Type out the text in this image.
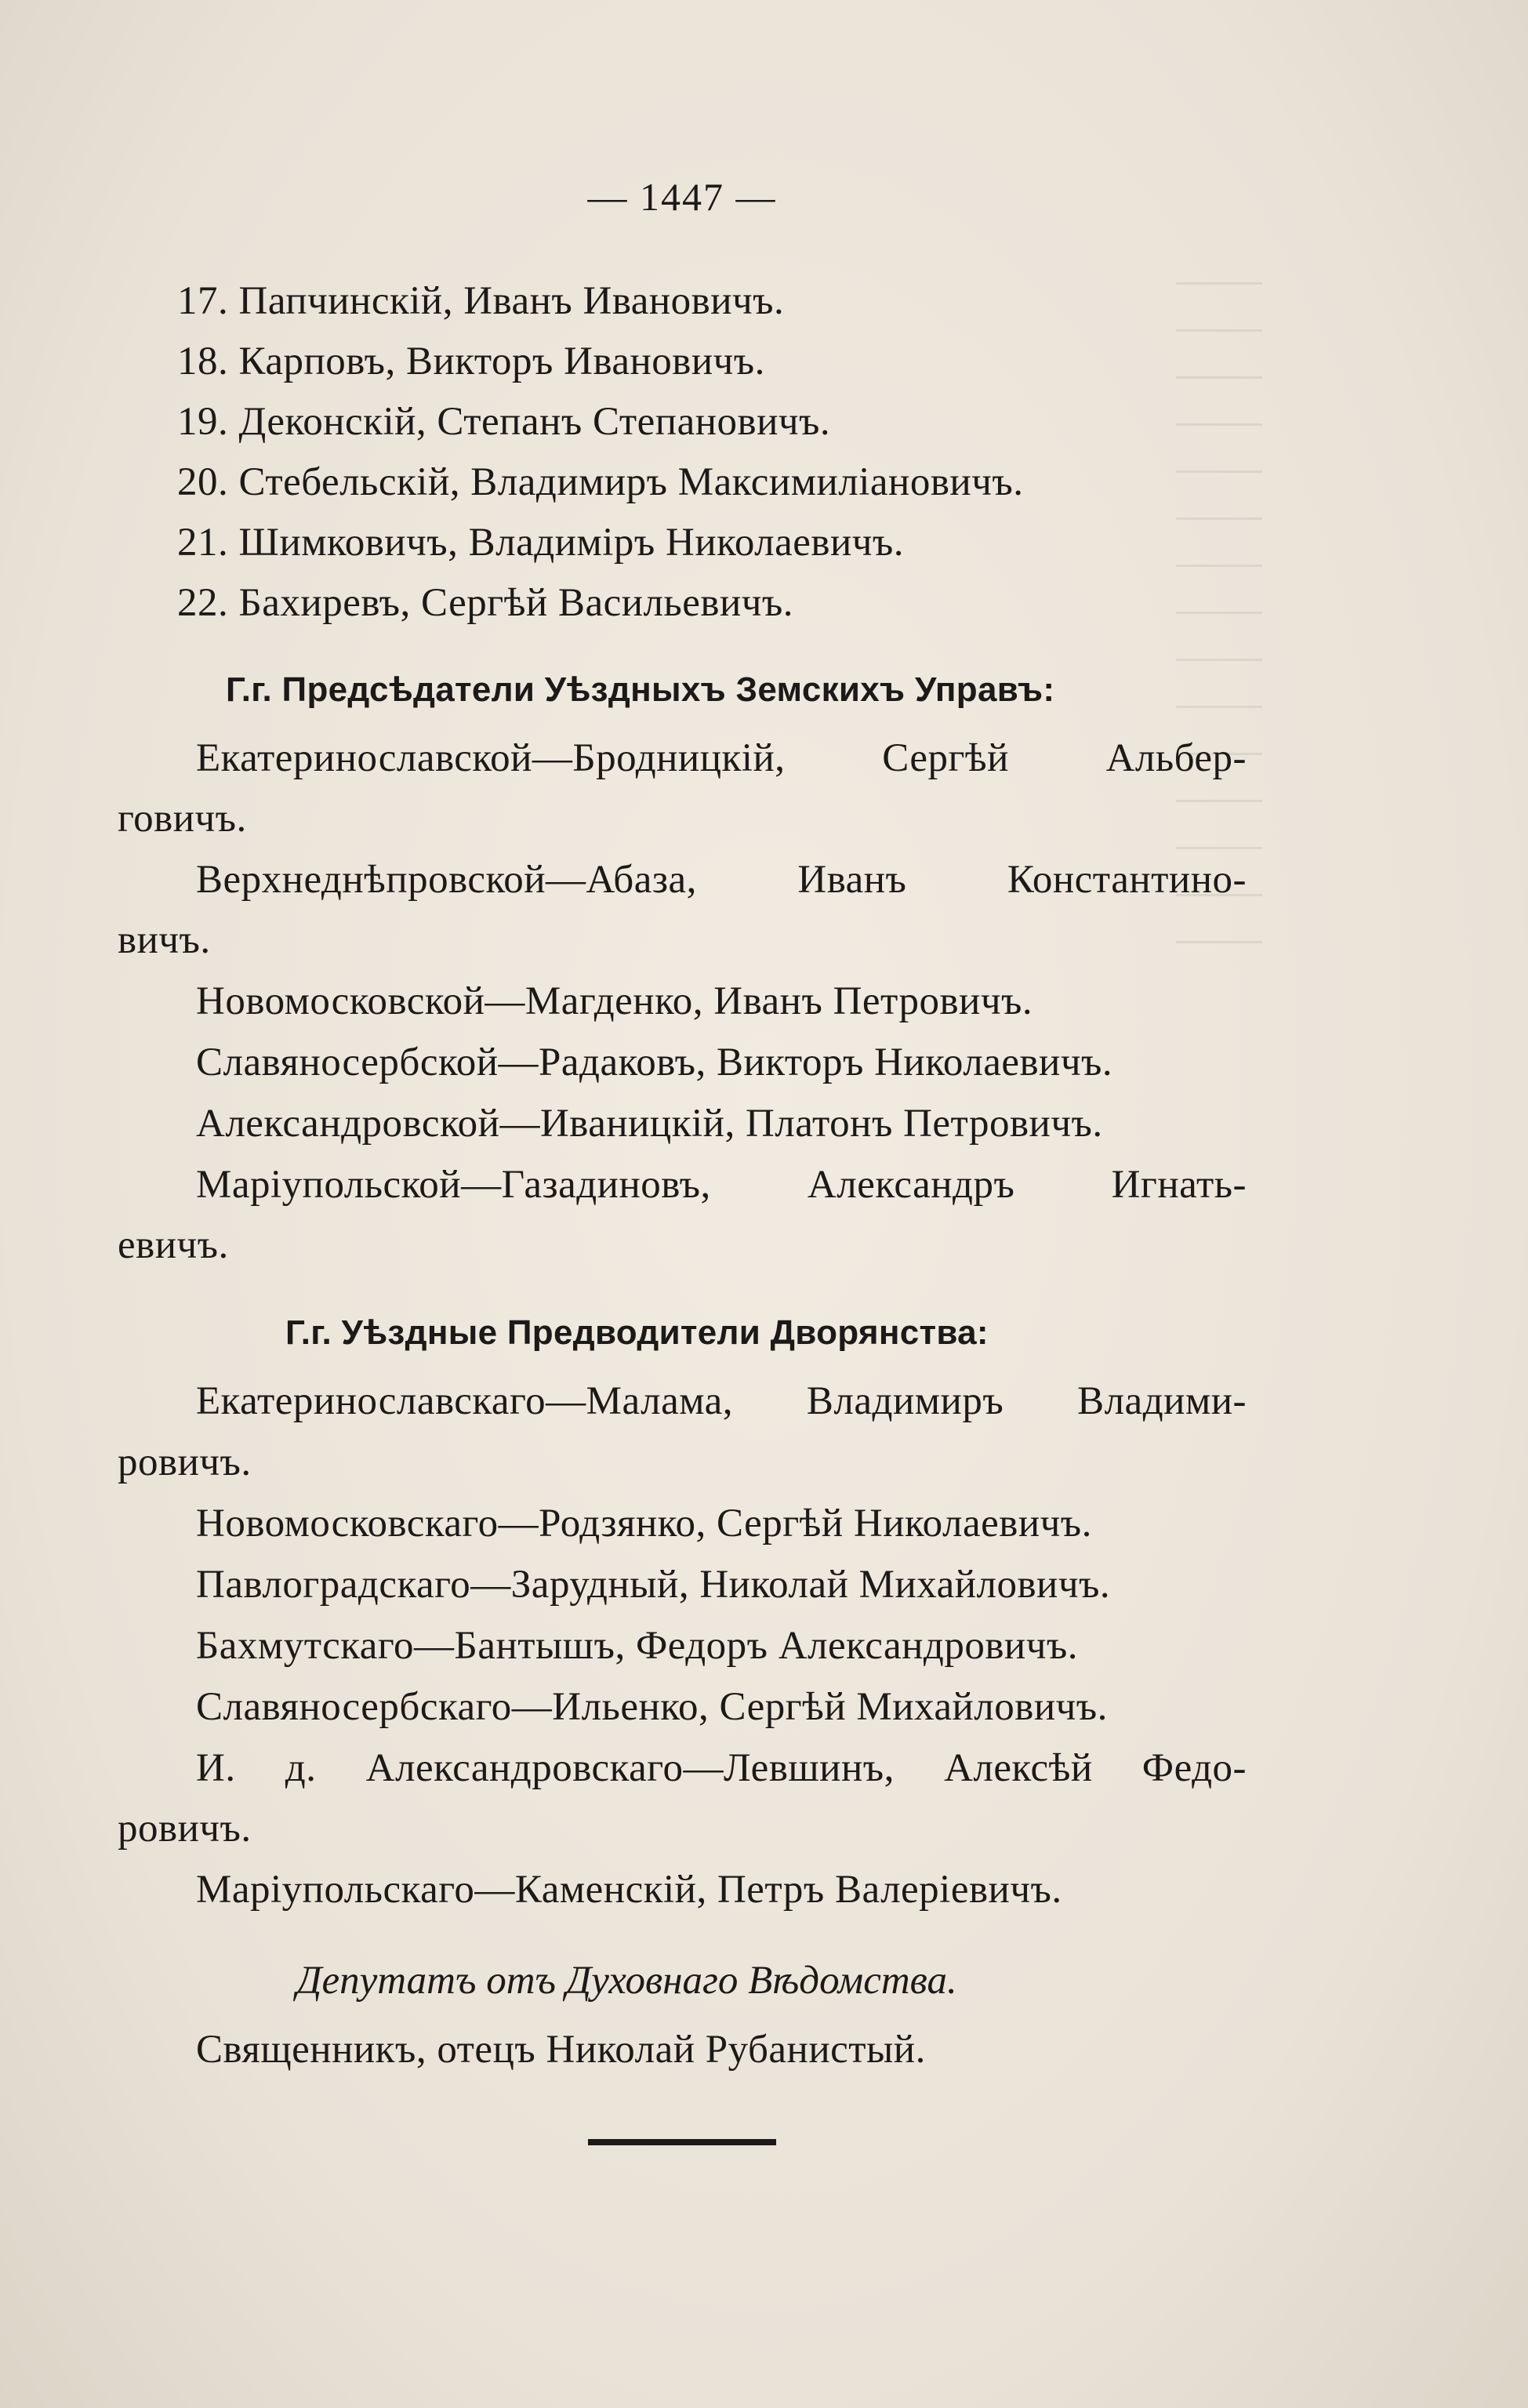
— 1447 —
17. Папчинскій, Иванъ Ивановичъ.
18. Карповъ, Викторъ Ивановичъ.
19. Деконскій, Степанъ Степановичъ.
20. Стебельскій, Владимиръ Максимиліановичъ.
21. Шимковичъ, Владиміръ Николаевичъ.
22. Бахиревъ, Сергѣй Васильевичъ.
Г.г. Предсѣдатели Уѣздныхъ Земскихъ Управъ:
Екатеринославской—Бродницкій, Сергѣй Альбер-
говичъ.
Верхнеднѣпровской—Абаза, Иванъ Константино-
вичъ.
Новомосковской—Магденко, Иванъ Петровичъ.
Славяносербской—Радаковъ, Викторъ Николаевичъ.
Александровской—Иваницкій, Платонъ Петровичъ.
Маріупольской—Газадиновъ, Александръ Игнать-
евичъ.
Г.г. Уѣздные Предводители Дворянства:
Екатеринославскаго—Малама, Владимиръ Владими-
ровичъ.
Новомосковскаго—Родзянко, Сергѣй Николаевичъ.
Павлоградскаго—Зарудный, Николай Михайловичъ.
Бахмутскаго—Бантышъ, Федоръ Александровичъ.
Славяносербскаго—Ильенко, Сергѣй Михайловичъ.
И. д. Александровскаго—Левшинъ, Алексѣй Федо-
ровичъ.
Маріупольскаго—Каменскій, Петръ Валеріевичъ.
Депутатъ отъ Духовнаго Вѣдомства.
Священникъ, отецъ Николай Рубанистый.
